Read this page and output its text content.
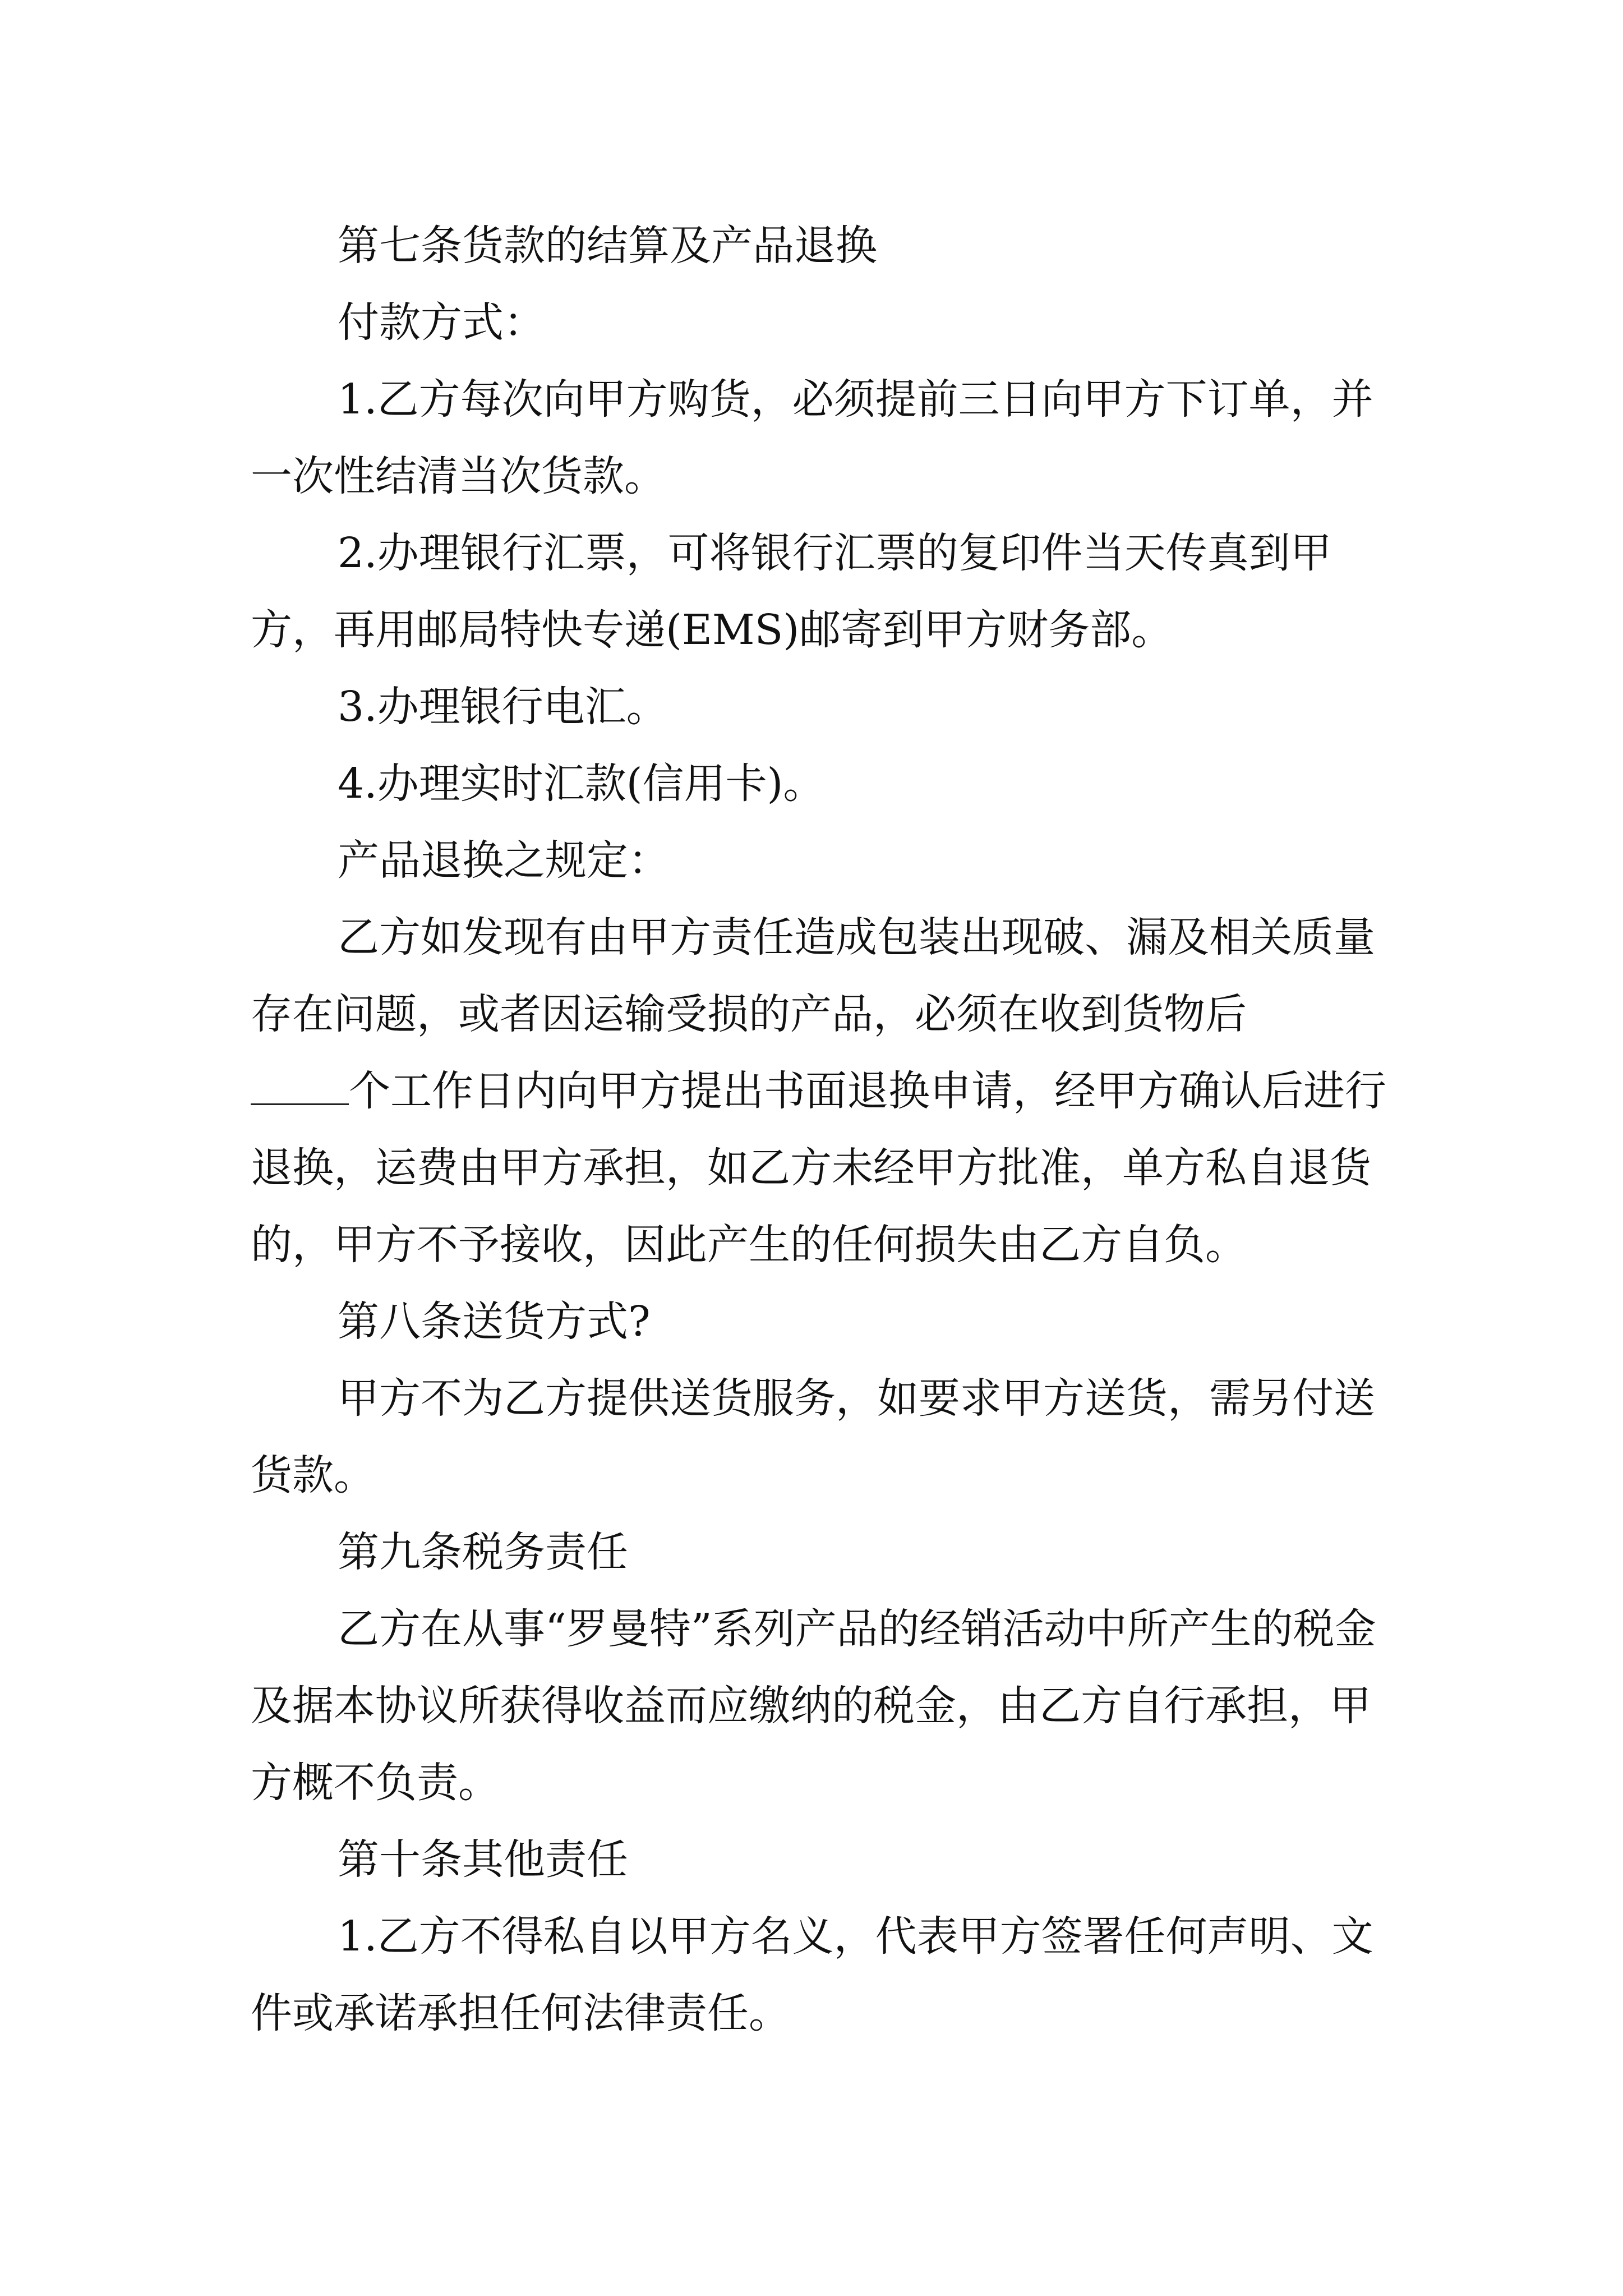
第七条货款的结算及产品退换

付款方式：

1.乙方每次向甲方购货，必须提前三日向甲方下订单，并一次性结清当次货款。

2.办理银行汇票，可将银行汇票的复印件当天传真到甲方，再用邮局特快专递(EMS)邮寄到甲方财务部。

3.办理银行电汇。

4.办理实时汇款(信用卡)。

产品退换之规定：

乙方如发现有由甲方责任造成包装出现破、漏及相关质量存在问题，或者因运输受损的产品，必须在收到货物后
个工作日内向甲方提出书面退换申请，经甲方确认后进行退换，运费由甲方承担，如乙方未经甲方批准，单方私自退货的，甲方不予接收，因此产生的任何损失由乙方自负。

第八条送货方式?

甲方不为乙方提供送货服务，如要求甲方送货，需另付送货款。

第九条税务责任

乙方在从事“罗曼特”系列产品的经销活动中所产生的税金及据本协议所获得收益而应缴纳的税金，由乙方自行承担，甲方概不负责。

第十条其他责任

1.乙方不得私自以甲方名义，代表甲方签署任何声明、文件或承诺承担任何法律责任。
